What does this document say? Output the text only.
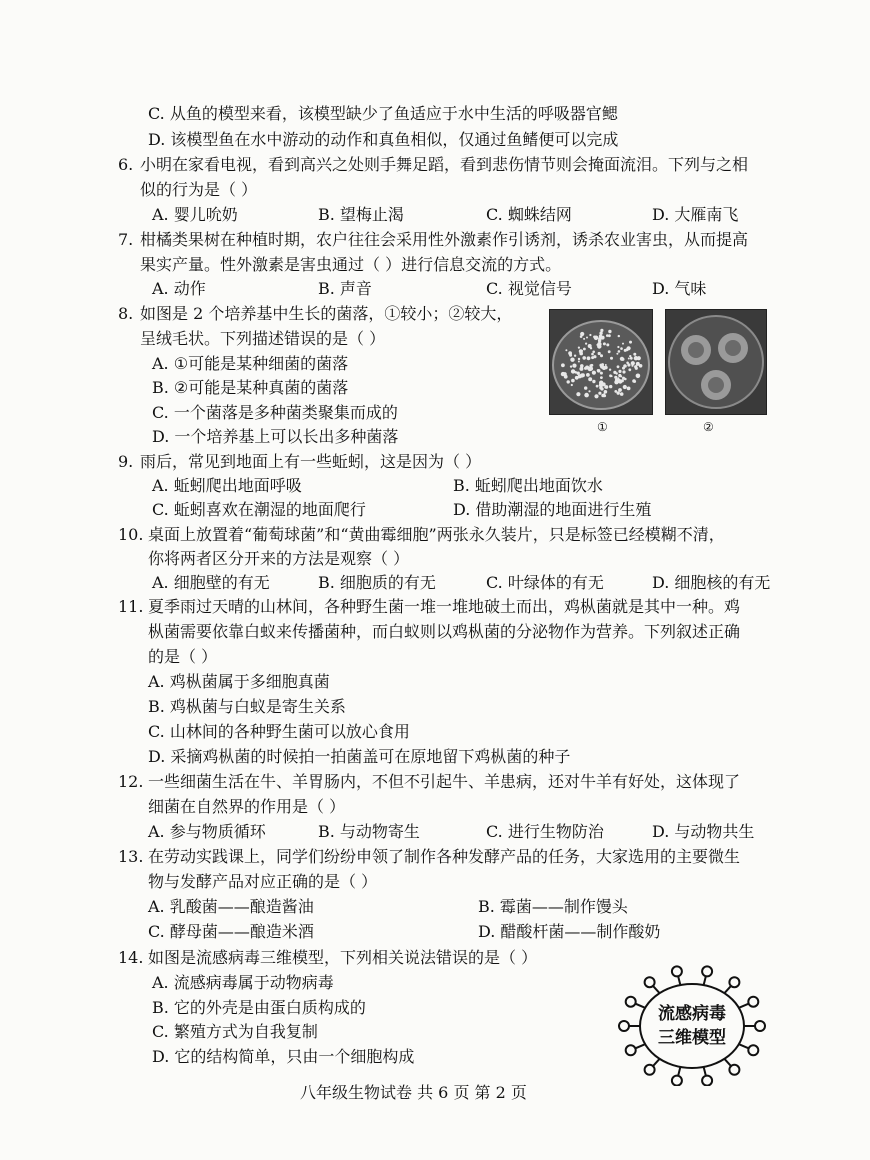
C. 从鱼的模型来看，该模型缺少了鱼适应于水中生活的呼吸器官鳃
D. 该模型鱼在水中游动的动作和真鱼相似，仅通过鱼鳍便可以完成
6. 小明在家看电视，看到高兴之处则手舞足蹈，看到悲伤情节则会掩面流泪。下列与之相
似的行为是（ ）
A. 婴儿吮奶	B. 望梅止渴	C. 蜘蛛结网	D. 大雁南飞
7. 柑橘类果树在种植时期，农户往往会采用性外激素作引诱剂，诱杀农业害虫，从而提高
果实产量。性外激素是害虫通过（ ）进行信息交流的方式。
A. 动作	B. 声音	C. 视觉信号	D. 气味
8. 如图是 2 个培养基中生长的菌落，①较小；②较大，
呈绒毛状。下列描述错误的是（ ）
A. ①可能是某种细菌的菌落
B. ②可能是某种真菌的菌落
C. 一个菌落是多种菌类聚集而成的
D. 一个培养基上可以长出多种菌落	①	②
9. 雨后，常见到地面上有一些蚯蚓，这是因为（ ）
A. 蚯蚓爬出地面呼吸	B. 蚯蚓爬出地面饮水
C. 蚯蚓喜欢在潮湿的地面爬行	D. 借助潮湿的地面进行生殖
10. 桌面上放置着“葡萄球菌”和“黄曲霉细胞”两张永久装片，只是标签已经模糊不清，
你将两者区分开来的方法是观察（ ）
A. 细胞壁的有无	B. 细胞质的有无	C. 叶绿体的有无	D. 细胞核的有无
11. 夏季雨过天晴的山林间，各种野生菌一堆一堆地破土而出，鸡枞菌就是其中一种。鸡
枞菌需要依靠白蚁来传播菌种，而白蚁则以鸡枞菌的分泌物作为营养。下列叙述正确
的是（ ）
A. 鸡枞菌属于多细胞真菌
B. 鸡枞菌与白蚁是寄生关系
C. 山林间的各种野生菌可以放心食用
D. 采摘鸡枞菌的时候拍一拍菌盖可在原地留下鸡枞菌的种子
12. 一些细菌生活在牛、羊胃肠内，不但不引起牛、羊患病，还对牛羊有好处，这体现了
细菌在自然界的作用是（ ）
A. 参与物质循环	B. 与动物寄生	C. 进行生物防治	D. 与动物共生
13. 在劳动实践课上，同学们纷纷申领了制作各种发酵产品的任务，大家选用的主要微生
物与发酵产品对应正确的是（ ）
A. 乳酸菌——酿造酱油	B. 霉菌——制作馒头
C. 酵母菌——酿造米酒	D. 醋酸杆菌——制作酸奶
14. 如图是流感病毒三维模型，下列相关说法错误的是（ ）
A. 流感病毒属于动物病毒
B. 它的外壳是由蛋白质构成的
C. 繁殖方式为自我复制
D. 它的结构简单，只由一个细胞构成
流感病毒
三维模型
八年级生物试卷 共 6 页 第 2 页
